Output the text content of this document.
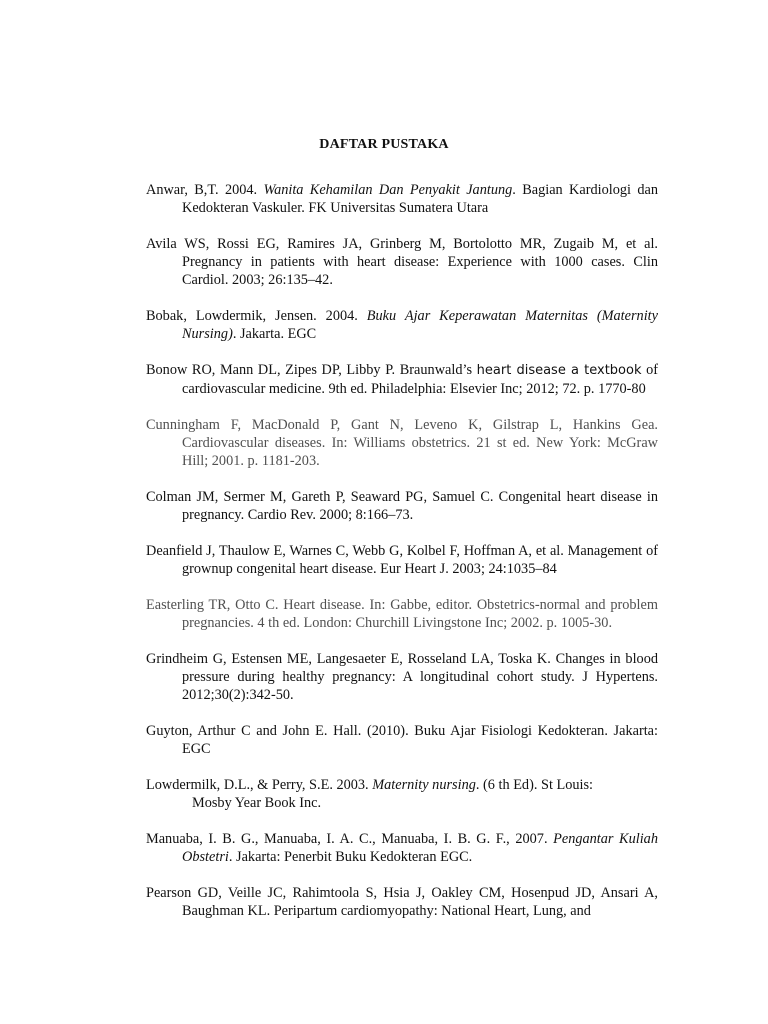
DAFTAR PUSTAKA

Anwar, B,T. 2004. Wanita Kehamilan Dan Penyakit Jantung. Bagian Kardiologi dan Kedokteran Vaskuler. FK Universitas Sumatera Utara

Avila WS, Rossi EG, Ramires JA, Grinberg M, Bortolotto MR, Zugaib M, et al. Pregnancy in patients with heart disease: Experience with 1000 cases. Clin Cardiol. 2003; 26:135–42.

Bobak, Lowdermik, Jensen. 2004. Buku Ajar Keperawatan Maternitas (Maternity Nursing). Jakarta. EGC

Bonow RO, Mann DL, Zipes DP, Libby P. Braunwald’s heart disease a textbook of cardiovascular medicine. 9th ed. Philadelphia: Elsevier Inc; 2012; 72. p. 1770-80

Cunningham F, MacDonald P, Gant N, Leveno K, Gilstrap L, Hankins Gea. Cardiovascular diseases. In: Williams obstetrics. 21 st ed. New York: McGraw Hill; 2001. p. 1181-203.

Colman JM, Sermer M, Gareth P, Seaward PG, Samuel C. Congenital heart disease in pregnancy. Cardio Rev. 2000; 8:166–73.

Deanfield J, Thaulow E, Warnes C, Webb G, Kolbel F, Hoffman A, et al. Management of grownup congenital heart disease. Eur Heart J. 2003; 24:1035–84

Easterling TR, Otto C. Heart disease. In: Gabbe, editor. Obstetrics-normal and problem pregnancies. 4 th ed. London: Churchill Livingstone Inc; 2002. p. 1005-30.

Grindheim G, Estensen ME, Langesaeter E, Rosseland LA, Toska K. Changes in blood pressure during healthy pregnancy: A longitudinal cohort study. J Hypertens. 2012;30(2):342-50.

Guyton, Arthur C and John E. Hall. (2010). Buku Ajar Fisiologi Kedokteran. Jakarta: EGC

Lowdermilk, D.L., & Perry, S.E. 2003. Maternity nursing. (6 th Ed). St Louis:
Mosby Year Book Inc.

Manuaba, I. B. G., Manuaba, I. A. C., Manuaba, I. B. G. F., 2007. Pengantar Kuliah Obstetri. Jakarta: Penerbit Buku Kedokteran EGC.

Pearson GD, Veille JC, Rahimtoola S, Hsia J, Oakley CM, Hosenpud JD, Ansari A, Baughman KL. Peripartum cardiomyopathy: National Heart, Lung, and
